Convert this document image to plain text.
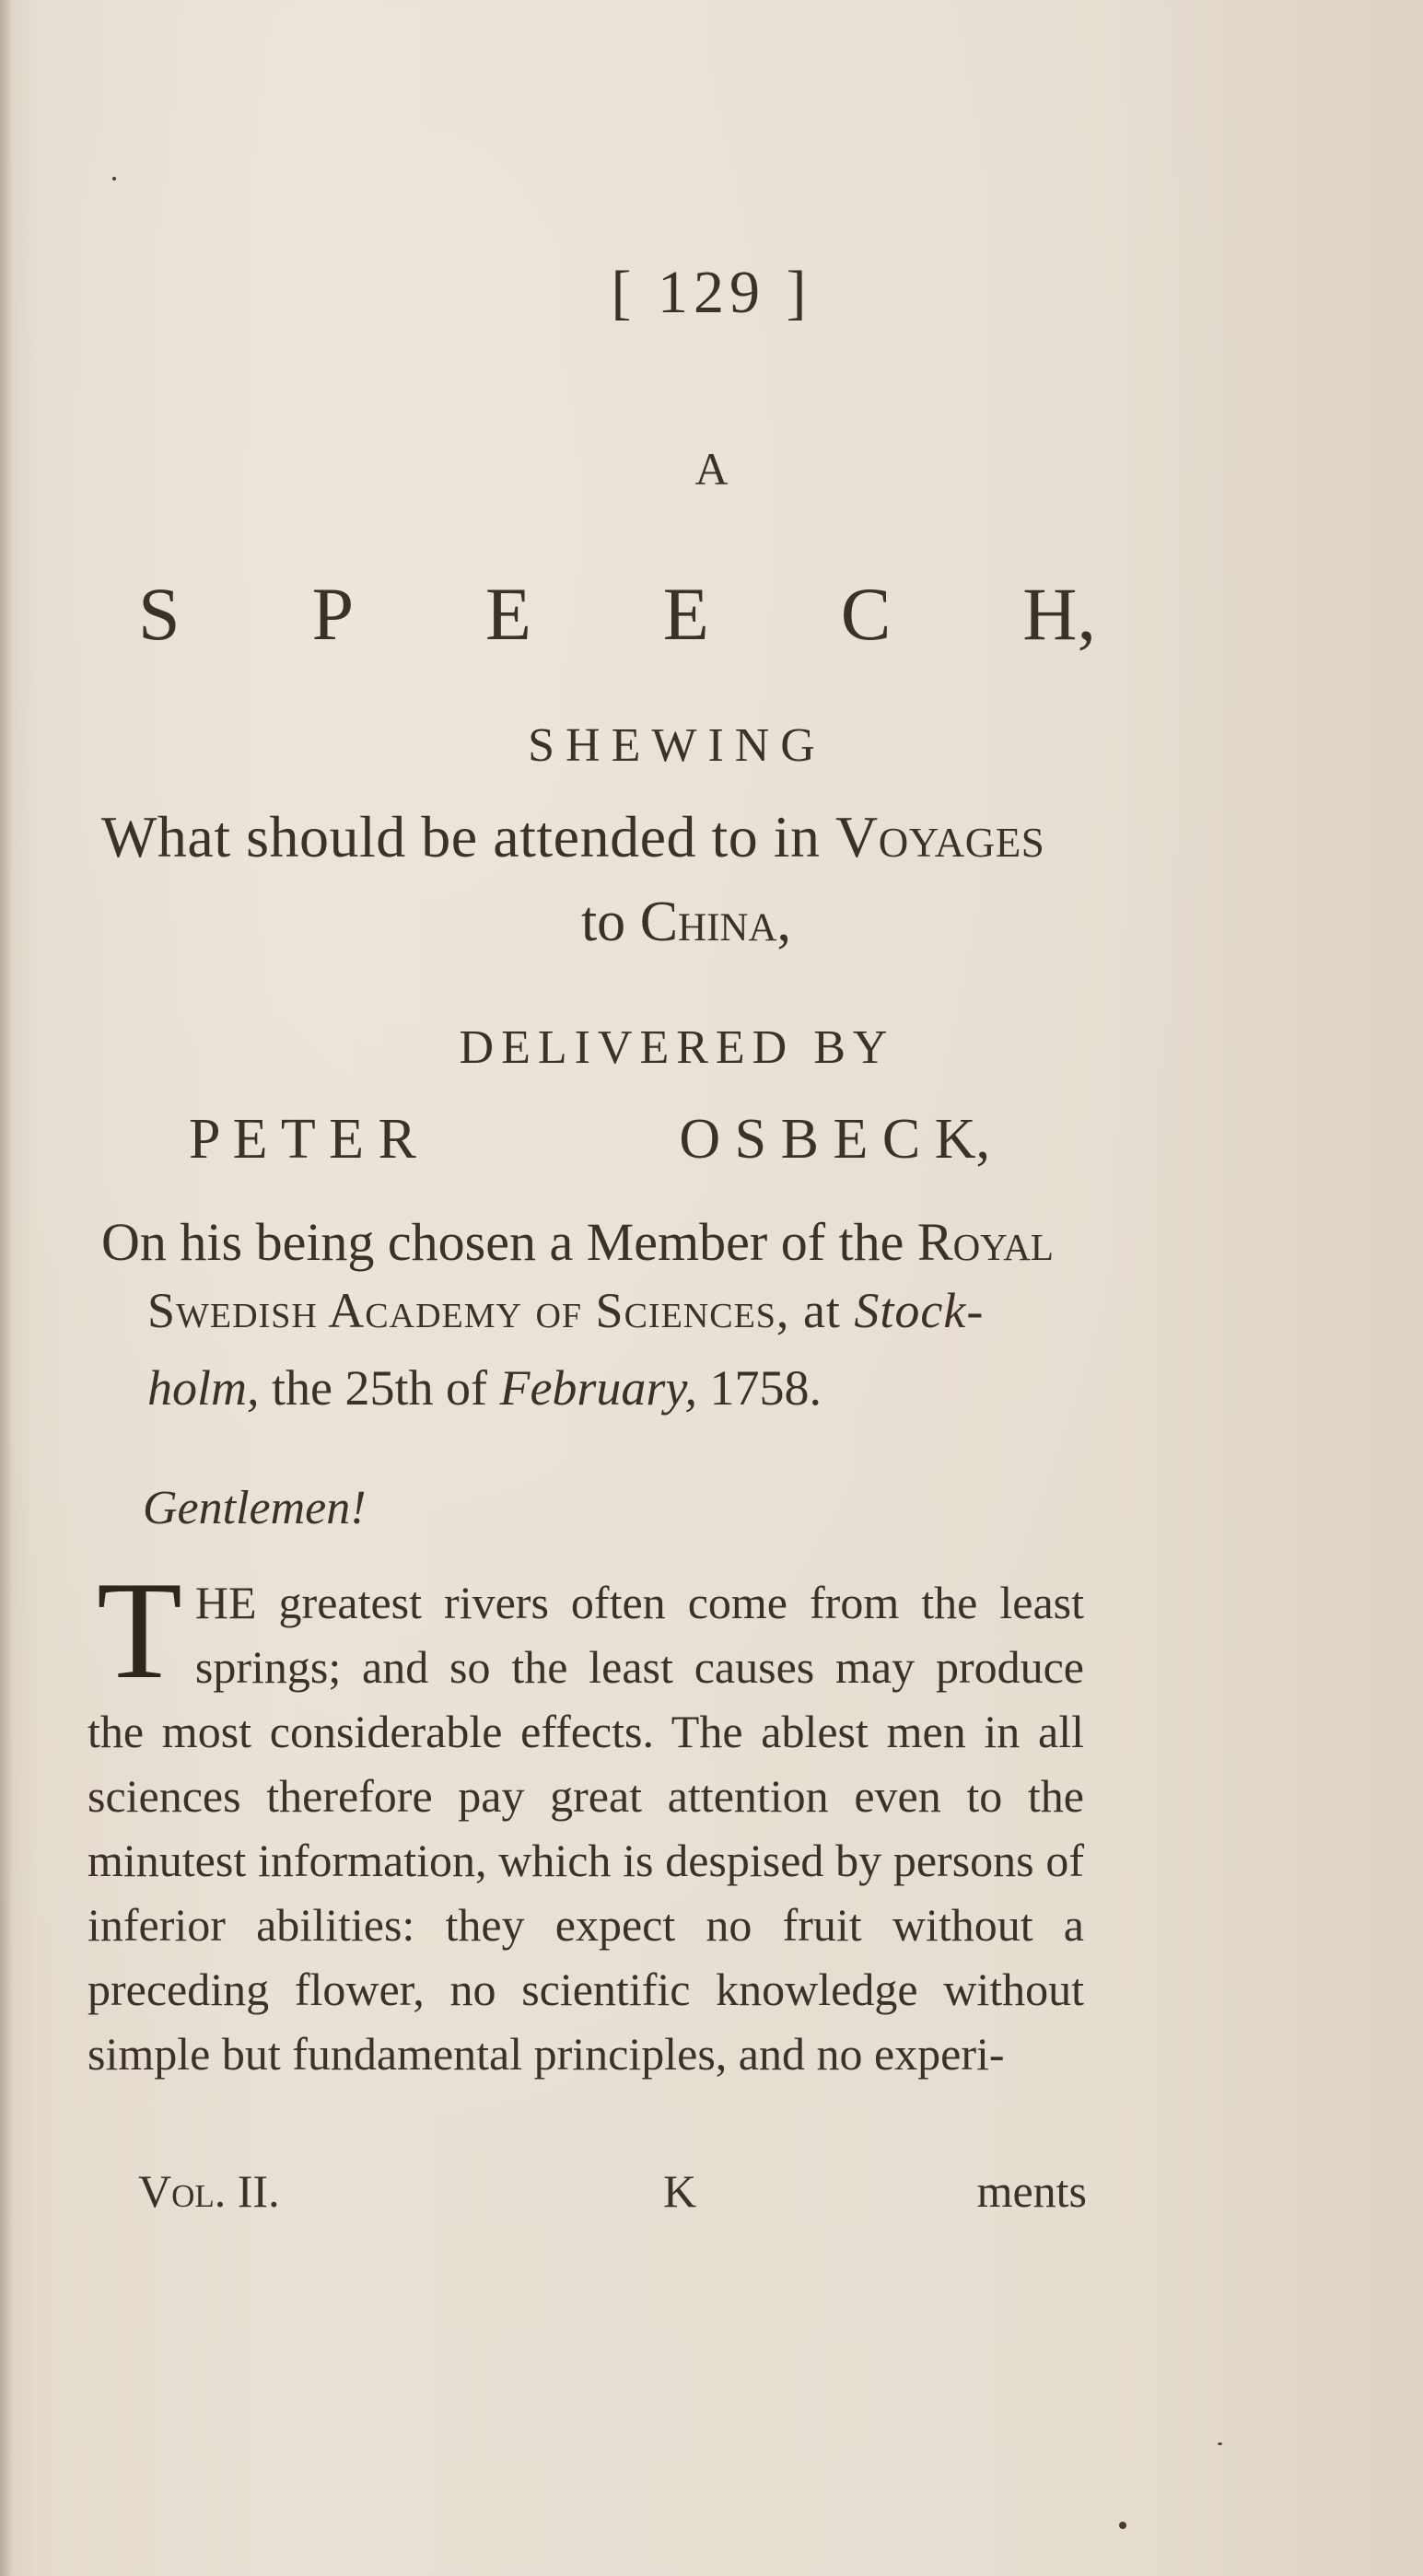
[ 129 ]
A
S P E E C H,
SHEWING
What should be attended to in Voyages
to China,
DELIVERED BY
P E T E R	O S B E C K,
On his being chosen a Member of the Royal
Swedish Academy of Sciences, at Stock-
holm, the 25th of February, 1758.
Gentlemen!
T HE greatest rivers often come from the least springs; and so the least causes may produce the most considerable effects. The ablest men in all sciences therefore pay great attention even to the minutest information, which is despised by persons of inferior abilities: they expect no fruit without a preceding flower, no scientific knowledge without simple but fundamental principles, and no experi-
Vol. II.	K	ments
